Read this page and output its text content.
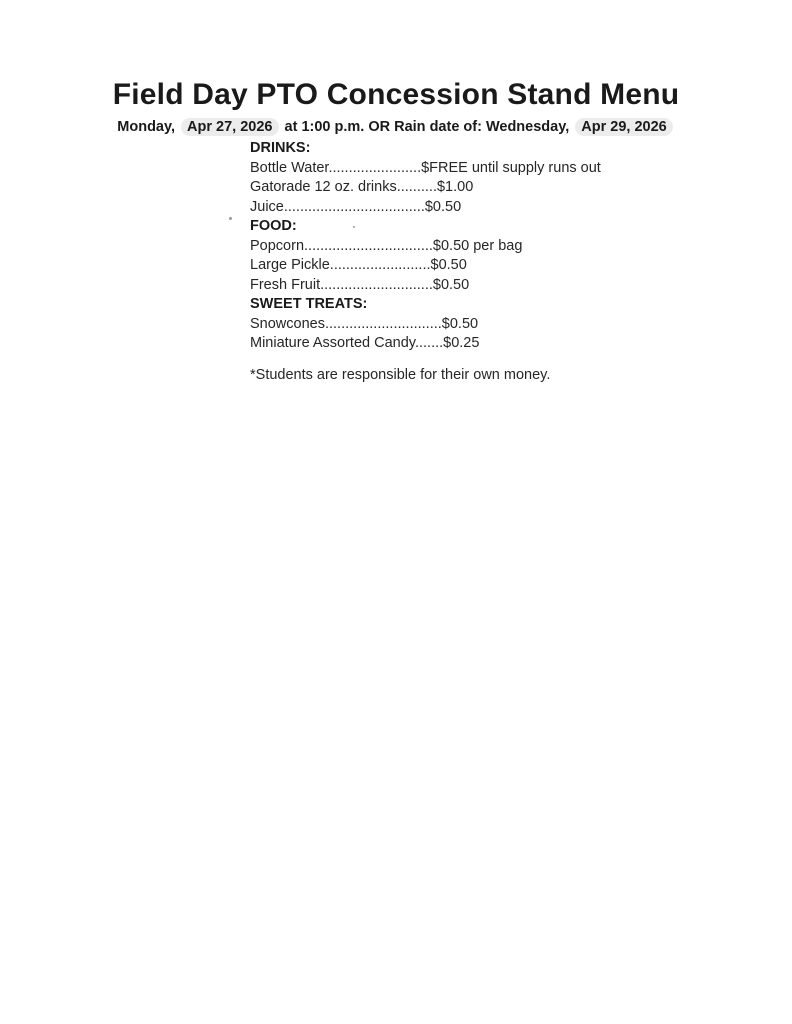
Field Day PTO Concession Stand Menu
Monday, Apr 27, 2026 at 1:00 p.m. OR Rain date of: Wednesday, Apr 29, 2026
DRINKS:
Bottle Water.......................$FREE until supply runs out
Gatorade 12 oz. drinks..........$1.00
Juice...................................$0.50
FOOD:
Popcorn................................$0.50 per bag
Large Pickle.........................$0.50
Fresh Fruit............................$0.50
SWEET TREATS:
Snowcones.............................$0.50
Miniature Assorted Candy.......$0.25
*Students are responsible for their own money.
